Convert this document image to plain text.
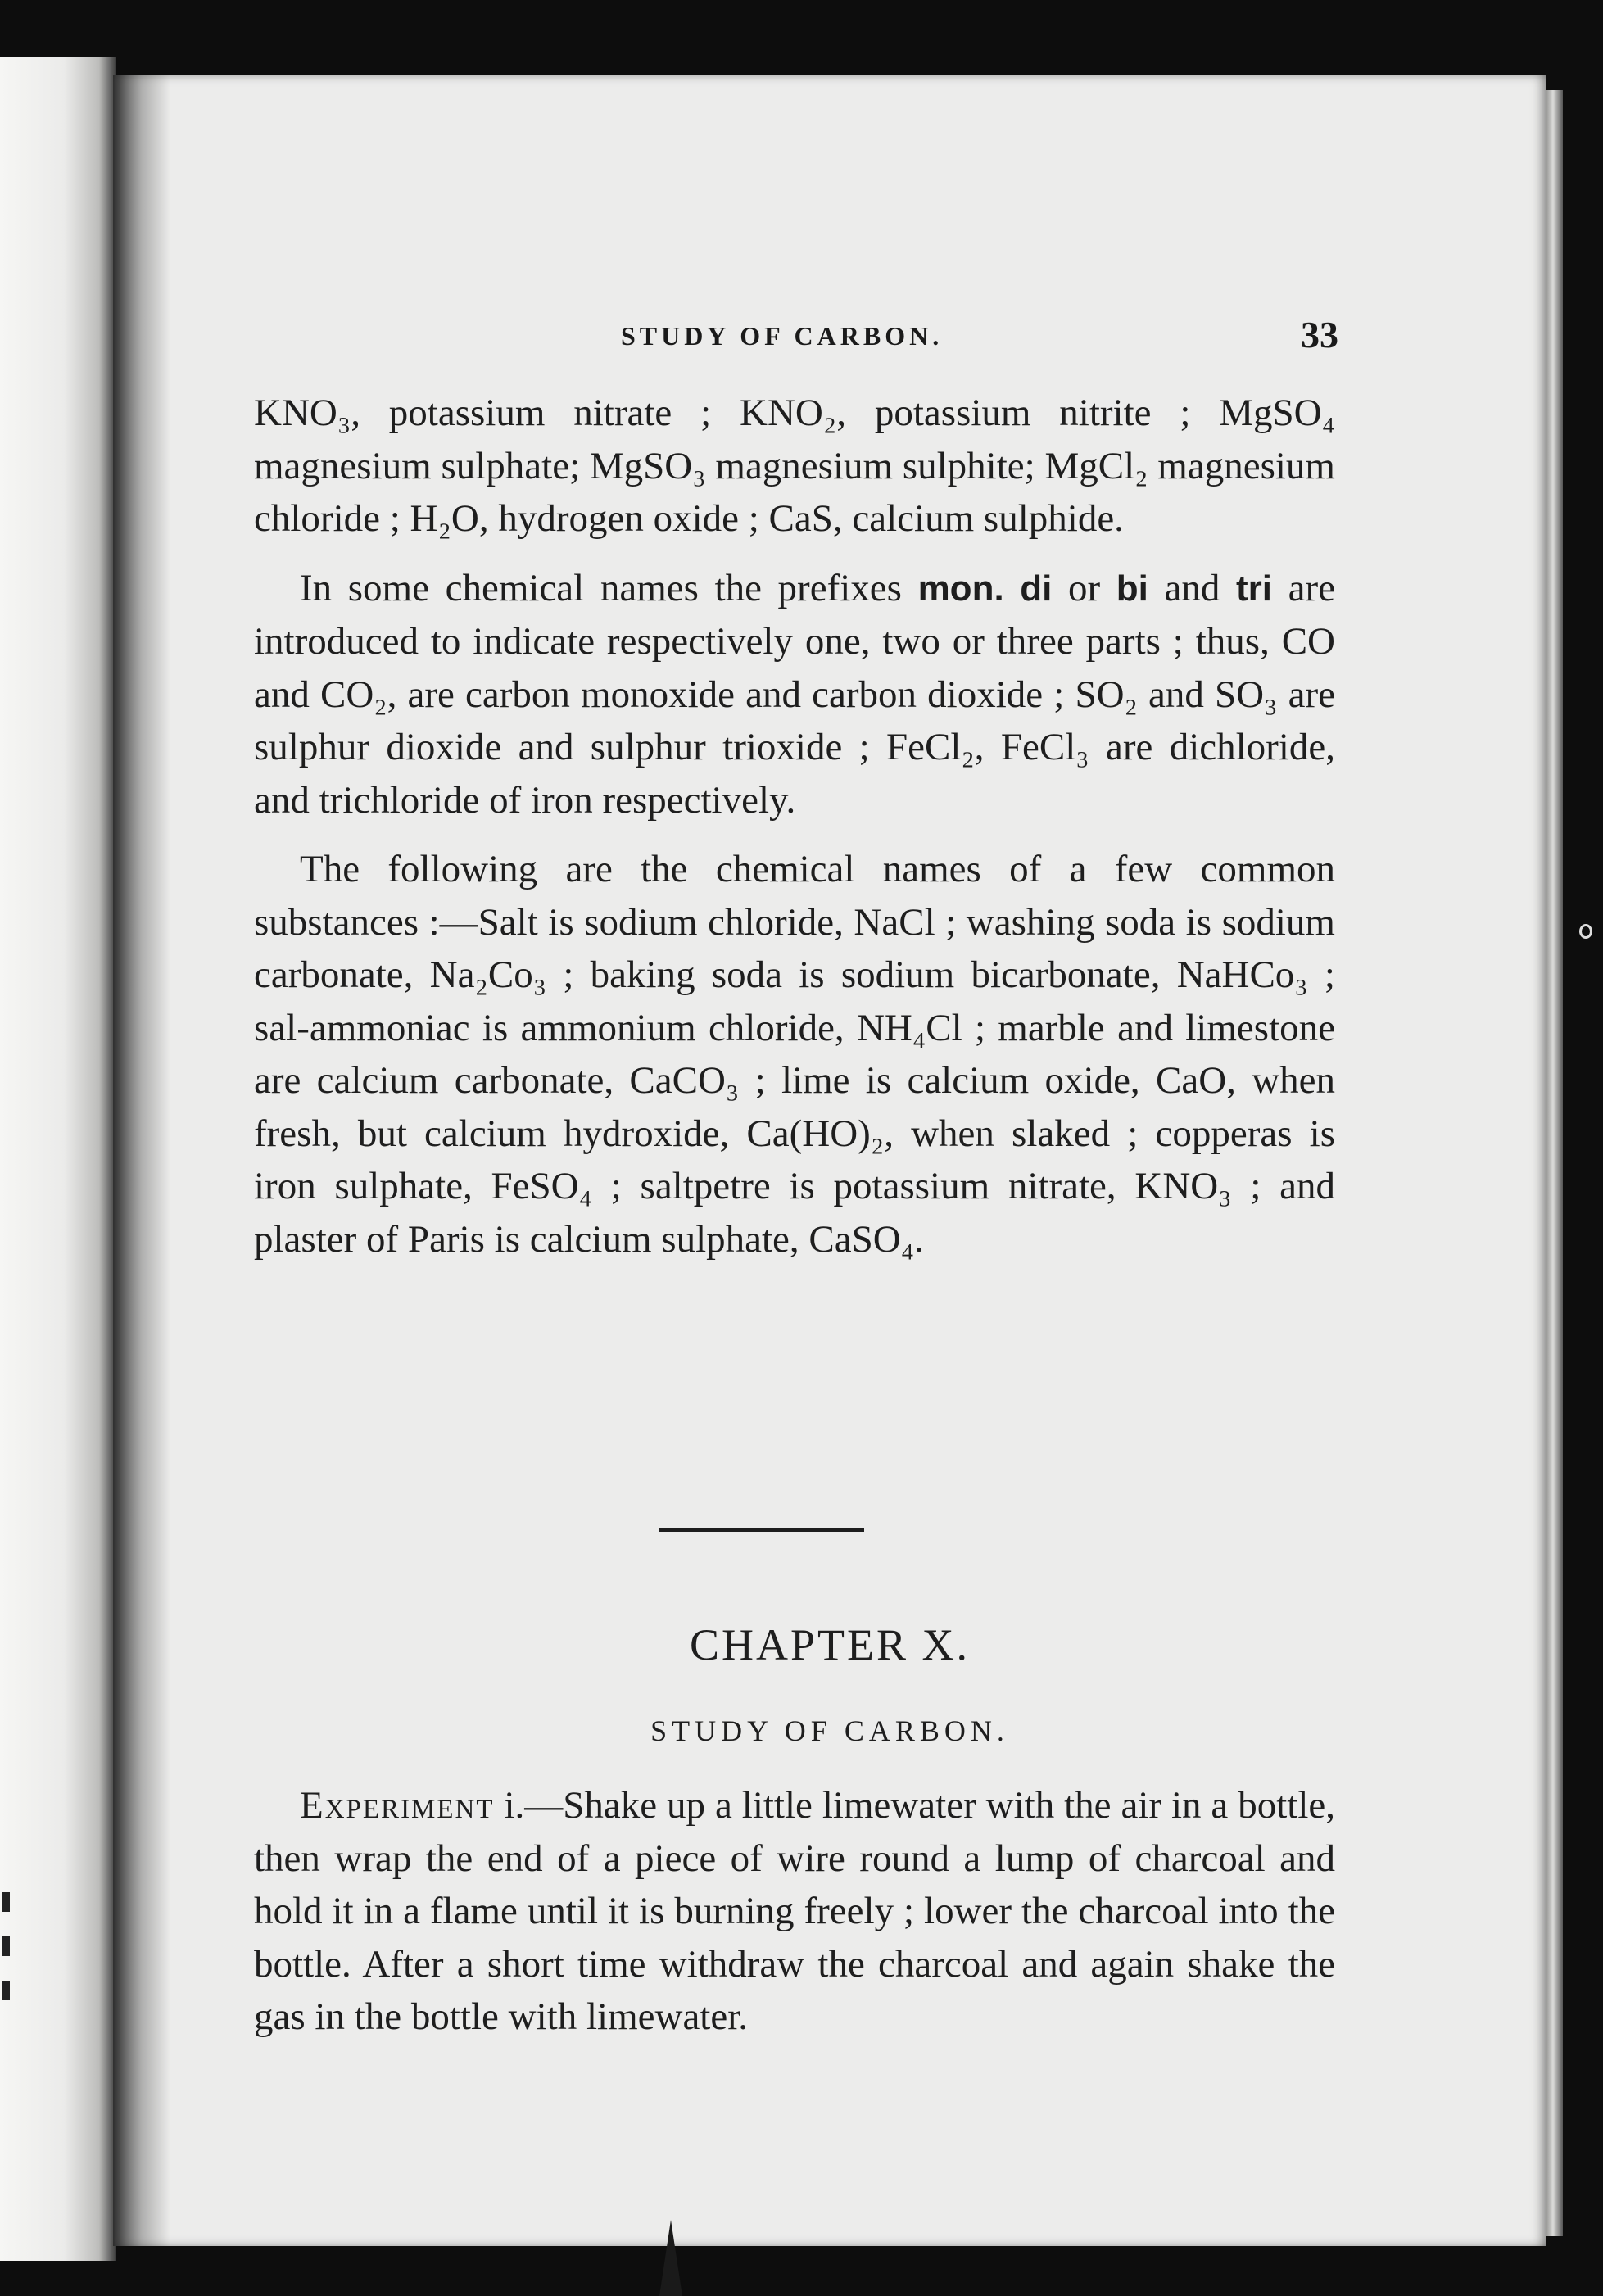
STUDY OF CARBON.	33

KNO₃, potassium nitrate ; KNO₂, potassium nitrite ; MgSO₄ magnesium sulphate; MgSO₃ magnesium sulphite; MgCl₂ magnesium chloride ; H₂O, hydrogen oxide ; CaS, calcium sulphide.

In some chemical names the prefixes mon. di or bi and tri are introduced to indicate respectively one, two or three parts ; thus, CO and CO₂, are carbon monoxide and carbon dioxide ; SO₂ and SO₃ are sulphur dioxide and sulphur trioxide ; FeCl₂, FeCl₃ are dichloride, and trichloride of iron respectively.

The following are the chemical names of a few common substances :—Salt is sodium chloride, NaCl ; washing soda is sodium carbonate, Na₂Co₃ ; baking soda is sodium bicarbonate, NaHCo₃ ; sal-ammoniac is ammonium chloride, NH₄Cl ; marble and limestone are calcium carbonate, CaCO₃ ; lime is calcium oxide, CaO, when fresh, but calcium hydroxide, Ca(HO)₂, when slaked ; copperas is iron sulphate, FeSO₄ ; saltpetre is potassium nitrate, KNO₃ ; and plaster of Paris is calcium sulphate, CaSO₄.

CHAPTER X.
STUDY OF CARBON.

Experiment i.—Shake up a little limewater with the air in a bottle, then wrap the end of a piece of wire round a lump of charcoal and hold it in a flame until it is burning freely ; lower the charcoal into the bottle. After a short time withdraw the charcoal and again shake the gas in the bottle with limewater.
